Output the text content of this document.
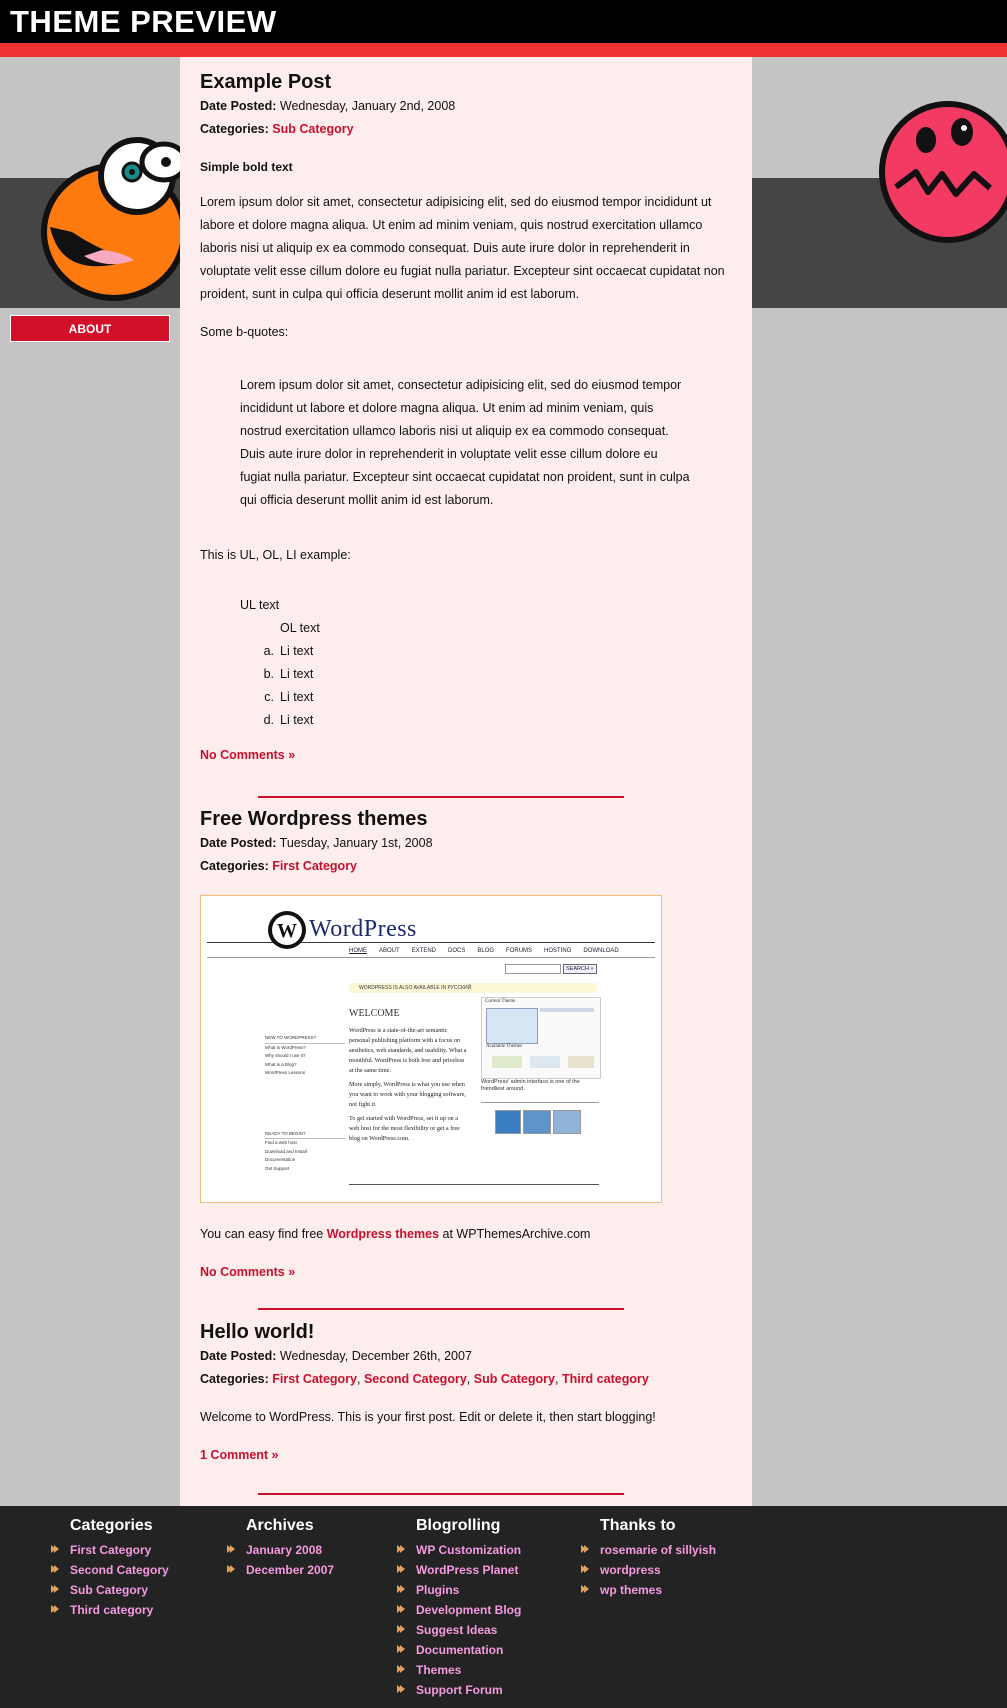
THEME PREVIEW
ABOUT
Example Post

Date Posted: Wednesday, January 2nd, 2008

Categories: Sub Category

Simple bold text

Lorem ipsum dolor sit amet, consectetur adipisicing elit, sed do eiusmod tempor incididunt ut labore et dolore magna aliqua. Ut enim ad minim veniam, quis nostrud exercitation ullamco laboris nisi ut aliquip ex ea commodo consequat. Duis aute irure dolor in reprehenderit in voluptate velit esse cillum dolore eu fugiat nulla pariatur. Excepteur sint occaecat cupidatat non proident, sunt in culpa qui officia deserunt mollit anim id est laborum.

Some b-quotes:

Lorem ipsum dolor sit amet, consectetur adipisicing elit, sed do eiusmod tempor incididunt ut labore et dolore magna aliqua. Ut enim ad minim veniam, quis nostrud exercitation ullamco laboris nisi ut aliquip ex ea commodo consequat. Duis aute irure dolor in reprehenderit in voluptate velit esse cillum dolore eu fugiat nulla pariatur. Excepteur sint occaecat cupidatat non proident, sunt in culpa qui officia deserunt mollit anim id est laborum.

This is UL, OL, LI example:

UL text
OL text
a. Li text
b. Li text
c. Li text
d. Li text

No Comments »

Free Wordpress themes

Date Posted: Tuesday, January 1st, 2008

Categories: First Category

W WordPress
HOME ABOUT EXTEND DOCS BLOG FORUMS HOSTING DOWNLOAD
SEARCH »
WORDPRESS IS ALSO AVAILABLE IN РУССКИЙ.
WELCOME
NEW TO WORDPRESS?
What is WordPress?
Why should I use it?
What is a Blog?
WordPress Lessons
READY TO BEGIN?
Find a web host
Download and Install
Documentation
Get Support
WordPress is a state-of-the-art semantic personal publishing platform with a focus on aesthetics, web standards, and usability. What a mouthful. WordPress is both free and priceless at the same time.
More simply, WordPress is what you use when you want to work with your blogging software, not fight it.
To get started with WordPress, set it up on a web host for the most flexibility or get a free blog on WordPress.com.
Current Theme
Available Themes
WordPress' admin interface is one of the friendliest around.

You can easy find free Wordpress themes at WPThemesArchive.com

No Comments »

Hello world!

Date Posted: Wednesday, December 26th, 2007

Categories: First Category, Second Category, Sub Category, Third category

Welcome to WordPress. This is your first post. Edit or delete it, then start blogging!

1 Comment »

Categories
First Category
Second Category
Sub Category
Third category
Archives
January 2008
December 2007
Blogrolling
WP Customization
WordPress Planet
Plugins
Development Blog
Suggest Ideas
Documentation
Themes
Support Forum
Thanks to
rosemarie of sillyish
wordpress
wp themes
